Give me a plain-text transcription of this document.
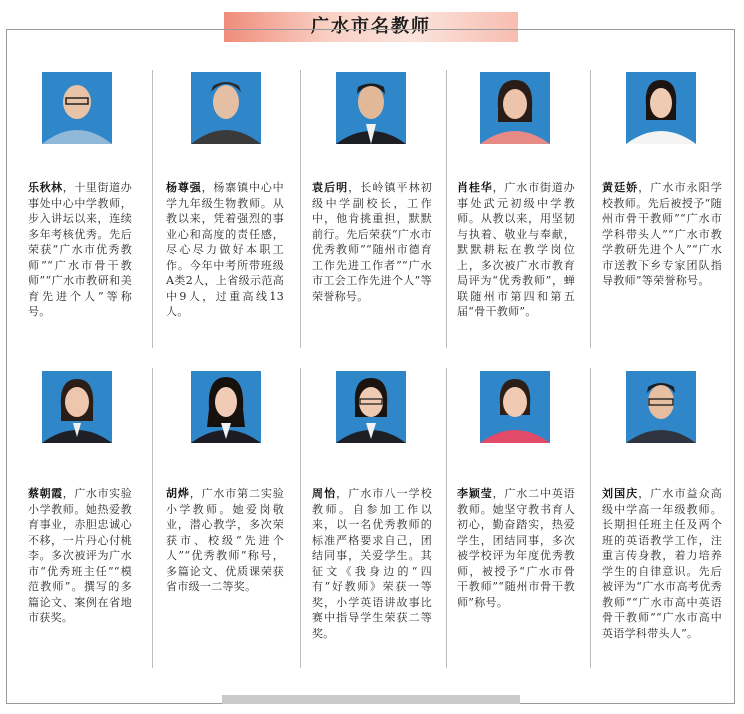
广水市名教师
乐秋林，十里街道办事处中心中学教师，步入讲坛以来，连续多年考核优秀。先后荣获“广水市优秀教师”“广水市骨干教师”“广水市教研和美育先进个人”等称号。
杨尊强，杨寨镇中心中学九年级生物教师。从教以来，凭着强烈的事业心和高度的责任感，尽心尽力做好本职工作。今年中考所带班级A类2人，上省级示范高中9人，过重高线13人。
袁后明，长岭镇平林初级中学副校长，工作中，他肯挑重担，默默前行。先后荣获“广水市优秀教师”“随州市德育工作先进工作者”“广水市工会工作先进个人”等荣誉称号。
肖桂华，广水市街道办事处武元初级中学教师。从教以来，用坚韧与执着、敬业与奉献，默默耕耘在教学岗位上，多次被广水市教育局评为“优秀教师”，蝉联随州市第四和第五届“骨干教师”。
黄廷娇，广水市永阳学校教师。先后被授予“随州市骨干教师”“广水市学科带头人”“广水市教学教研先进个人”“广水市送教下乡专家团队指导教师”等荣誉称号。
蔡朝霞，广水市实验小学教师。她热爱教育事业，赤胆忠诚心不移，一片丹心付桃李。多次被评为广水市“优秀班主任”“模范教师”。撰写的多篇论文、案例在省地市获奖。
胡烨，广水市第二实验小学教师。她爱岗敬业，潜心教学，多次荣获市、校级“先进个人”“优秀教师”称号，多篇论文、优质课荣获省市级一二等奖。
周怡，广水市八一学校教师。自参加工作以来，以一名优秀教师的标准严格要求自己，团结同事，关爱学生。其征文《我身边的“四有”好教师》荣获一等奖，小学英语讲故事比赛中指导学生荣获二等奖。
李颖莹，广水二中英语教师。她坚守教书育人初心，勤奋踏实，热爱学生，团结同事，多次被学校评为年度优秀教师，被授予“广水市骨干教师”“随州市骨干教师”称号。
刘国庆，广水市益众高级中学高一年级教师。长期担任班主任及两个班的英语教学工作，注重言传身教，着力培养学生的自律意识。先后被评为“广水市高考优秀教师”“广水市高中英语骨干教师”“广水市高中英语学科带头人”。
